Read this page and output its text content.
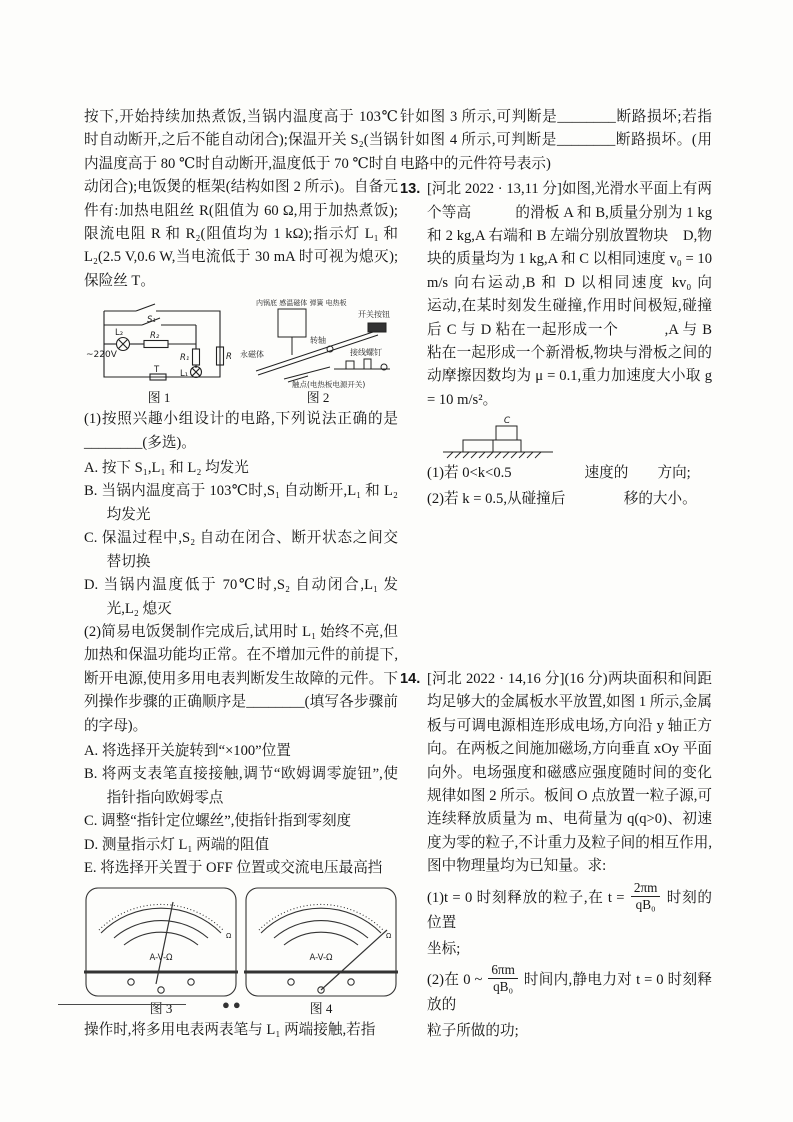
按下,开始持续加热煮饭,当锅内温度高于 103℃ 时自动断开,之后不能自动闭合);保温开关 S₂(当锅内温度高于 80 ℃时自动断开,温度低于 70 ℃时自动闭合);电饭煲的框架(结构如图 2 所示)。自备元件有:加热电阻丝 R(阻值为 60 Ω,用于加热煮饭);限流电阻 R 和 R₂(阻值均为 1 kΩ);指示灯 L₁ 和 L₂(2.5 V,0.6 W,当电流低于 30 mA 时可视为熄灭);保险丝 T。

~220V
S₁
L₂	R₂
R₁	R
L₁
T
图 1
内锅底 感温磁体 弹簧 电热板
永磁体
转轴
开关按钮
接线螺钉
触点(电热板电源开关)
图 2

(1)按照兴趣小组设计的电路,下列说法正确的是________(多选)。

A. 按下 S₁,L₁ 和 L₂ 均发光

B. 当锅内温度高于 103℃时,S₁ 自动断开,L₁ 和 L₂ 均发光

C. 保温过程中,S₂ 自动在闭合、断开状态之间交替切换

D. 当锅内温度低于 70℃时,S₂ 自动闭合,L₁ 发光,L₂ 熄灭

(2)简易电饭煲制作完成后,试用时 L₁ 始终不亮,但加热和保温功能均正常。在不增加元件的前提下,断开电源,使用多用电表判断发生故障的元件。下列操作步骤的正确顺序是________(填写各步骤前的字母)。

A. 将选择开关旋转到“×100”位置

B. 将两支表笔直接接触,调节“欧姆调零旋钮”,使指针指向欧姆零点

C. 调整“指针定位螺丝”,使指针指到零刻度

D. 测量指示灯 L₁ 两端的阻值

E. 将选择开关置于 OFF 位置或交流电压最高挡

A-V-Ω
Ω
图 3
A-V-Ω
Ω
图 4

操作时,将多用电表两表笔与 L₁ 两端接触,若指

针如图 3 所示,可判断是________断路损坏;若指针如图 4 所示,可判断是________断路损坏。(用电路中的元件符号表示)

13. [河北 2022 · 13,11 分]如图,光滑水平面上有两个等高　　　的滑板 A 和 B,质量分别为 1 kg 和 2 kg,A 右端和 B 左端分别放置物块　D,物块的质量均为 1 kg,A 和 C 以相同速度 v₀ = 10 m/s 向右运动,B 和 D 以相同速度 kv₀ 向　　运动,在某时刻发生碰撞,作用时间极短,碰撞后 C 与 D 粘在一起形成一个　　　,A 与 B 粘在一起形成一个新滑板,物块与滑板之间的动摩擦因数均为 μ = 0.1,重力加速度大小取 g = 10 m/s²。

C

(1)若 0<k<0.5　　　　　速度的　　方向;

(2)若 k = 0.5,从碰撞后　　　　移的大小。

14. [河北 2022 · 14,16 分](16 分)两块面积和间距均足够大的金属板水平放置,如图 1 所示,金属板与可调电源相连形成电场,方向沿 y 轴正方向。在两板之间施加磁场,方向垂直 xOy 平面向外。电场强度和磁感应强度随时间的变化规律如图 2 所示。板间 O 点放置一粒子源,可连续释放质量为 m、电荷量为 q(q>0)、初速度为零的粒子,不计重力及粒子间的相互作用,图中物理量均为已知量。求:

(1)t = 0 时刻释放的粒子,在 $t = \frac{2\pi m}{\text{qB₀}}$ 时刻的位置

坐标;

(2)在 0 ~ $\frac{6\pi m}{\text{qB₀}}$ 时间内,静电力对 t = 0 时刻释放的

粒子所做的功;

●●
